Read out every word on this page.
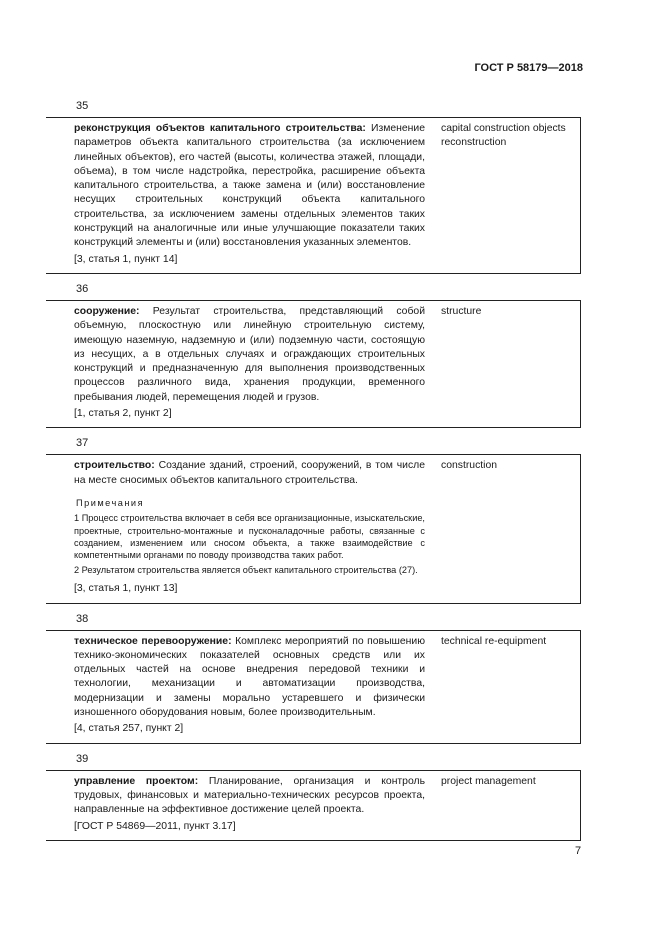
ГОСТ Р 58179—2018
35
реконструкция объектов капитального строительства: Изменение параметров объекта капитального строительства (за исключением линейных объектов), его частей (высоты, количества этажей, площади, объема), в том числе надстройка, перестройка, расширение объекта капитального строительства, а также замена и (или) восстановление несущих строительных конструкций объекта капитального строительства, за исключением замены отдельных элементов таких конструкций на аналогичные или иные улучшающие показатели таких конструкций элементы и (или) восстановления указанных элементов.
[3, статья 1, пункт 14]
capital construction objects reconstruction
36
сооружение: Результат строительства, представляющий собой объемную, плоскостную или линейную строительную систему, имеющую наземную, надземную и (или) подземную части, состоящую из несущих, а в отдельных случаях и ограждающих строительных конструкций и предназначенную для выполнения производственных процессов различного вида, хранения продукции, временного пребывания людей, перемещения людей и грузов.
[1, статья 2, пункт 2]
structure
37
строительство: Создание зданий, строений, сооружений, в том числе на месте сносимых объектов капитального строительства.
Примечания
1 Процесс строительства включает в себя все организационные, изыскательские, проектные, строительно-монтажные и пусконаладочные работы, связанные с созданием, изменением или сносом объекта, а также взаимодействие с компетентными органами по поводу производства таких работ.
2 Результатом строительства является объект капитального строительства (27).
[3, статья 1, пункт 13]
construction
38
техническое перевооружение: Комплекс мероприятий по повышению технико-экономических показателей основных средств или их отдельных частей на основе внедрения передовой техники и технологии, механизации и автоматизации производства, модернизации и замены морально устаревшего и физически изношенного оборудования новым, более производительным.
[4, статья 257, пункт 2]
technical re-equipment
39
управление проектом: Планирование, организация и контроль трудовых, финансовых и материально-технических ресурсов проекта, направленные на эффективное достижение целей проекта.
[ГОСТ Р 54869—2011, пункт 3.17]
project management
7
